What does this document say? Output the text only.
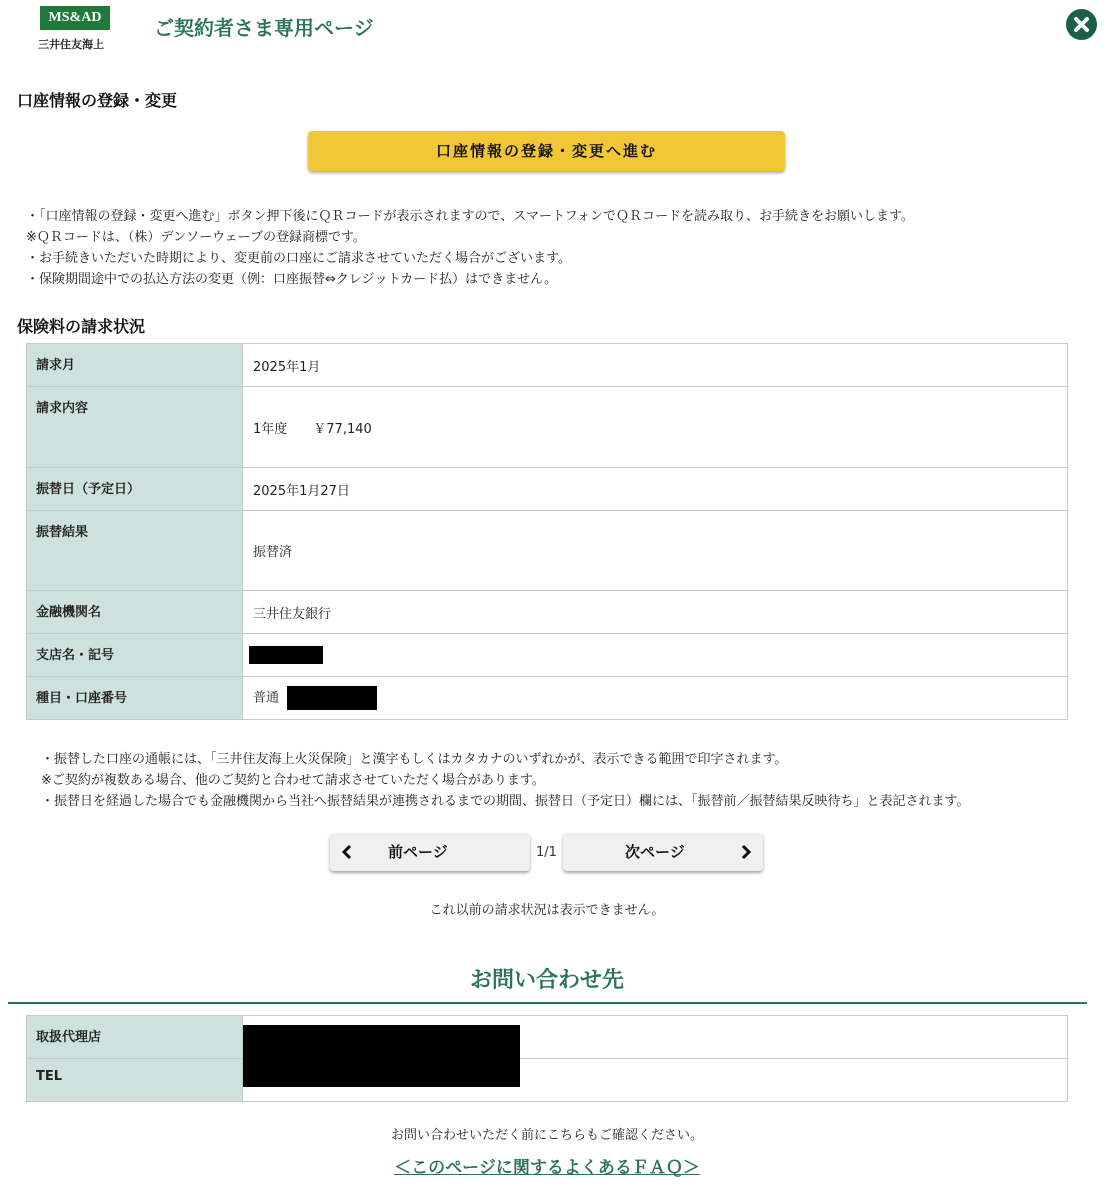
MS&AD
三井住友海上
ご契約者さま専用ページ
口座情報の登録・変更
口座情報の登録・変更へ進む
・「口座情報の登録・変更へ進む」ボタン押下後にＱＲコードが表示されますので、スマートフォンでＱＲコードを読み取り、お手続きをお願いします。
※ＱＲコードは、（株）デンソーウェーブの登録商標です。
・お手続きいただいた時期により、変更前の口座にご請求させていただく場合がございます。
・保険期間途中での払込方法の変更（例：口座振替⇔クレジットカード払）はできません。
保険料の請求状況
請求月	2025年1月
請求内容	1年度　　￥77,140
振替日（予定日）	2025年1月27日
振替結果	振替済
金融機関名	三井住友銀行
支店名・記号	
種目・口座番号	普通
・振替した口座の通帳には、「三井住友海上火災保険」と漢字もしくはカタカナのいずれかが、表示できる範囲で印字されます。
※ご契約が複数ある場合、他のご契約と合わせて請求させていただく場合があります。
・振替日を経過した場合でも金融機関から当社へ振替結果が連携されるまでの期間、振替日（予定日）欄には、「振替前／振替結果反映待ち」と表記されます。
前ページ	1/1	次ページ
これ以前の請求状況は表示できません。
お問い合わせ先
取扱代理店	
TEL	
お問い合わせいただく前にこちらもご確認ください。
＜このページに関するよくあるＦＡＱ＞
